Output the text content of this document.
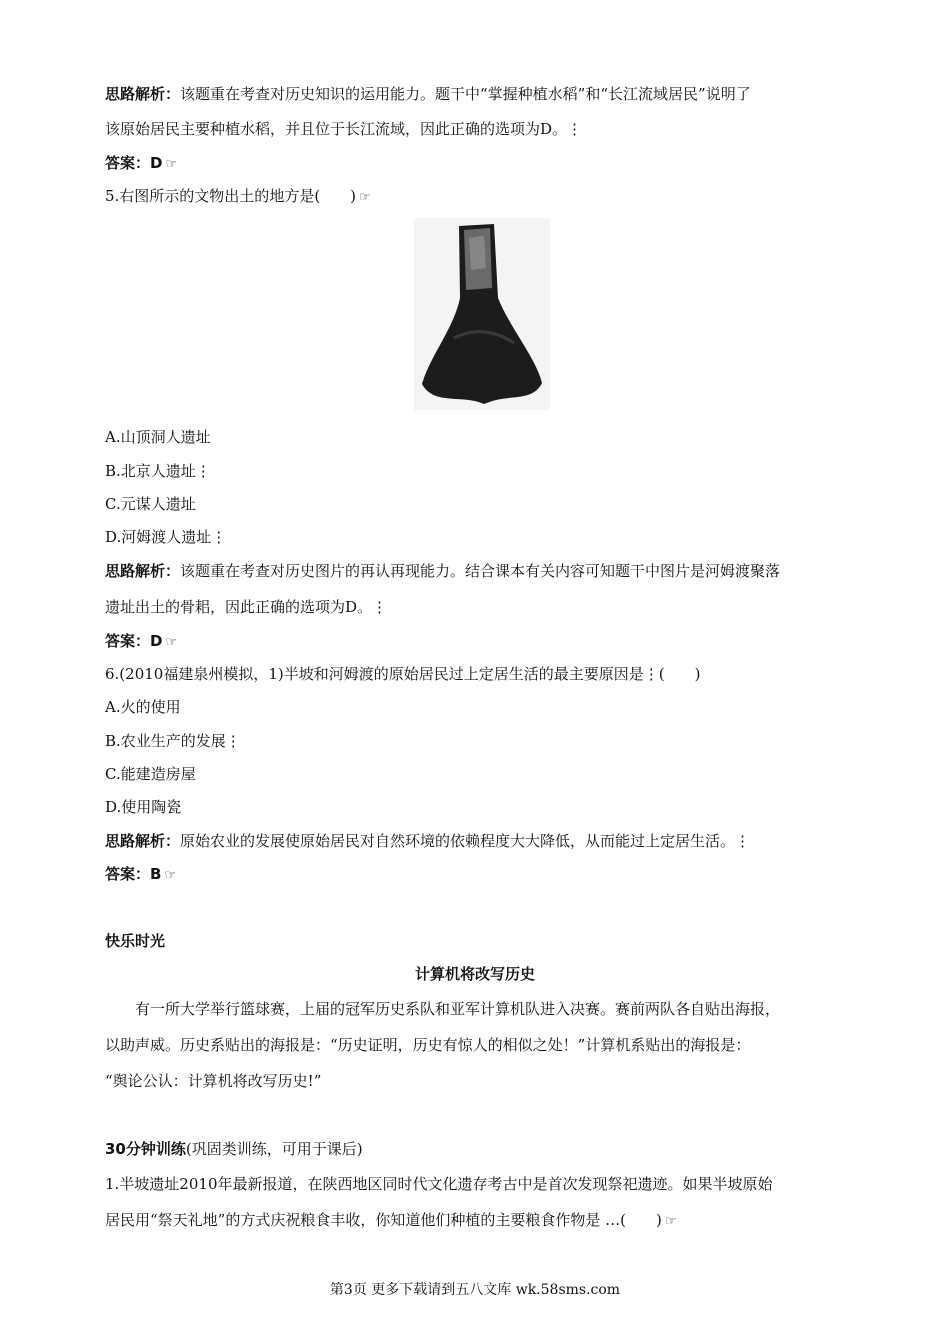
思路解析：该题重在考查对历史知识的运用能力。题干中“掌握种植水稻”和“长江流域居民”说明了
该原始居民主要种植水稻，并且位于长江流域，因此正确的选项为D。⋮
答案：D ☞
5.右图所示的文物出土的地方是(　　) ☞
A.山顶洞人遗址
B.北京人遗址⋮
C.元谋人遗址
D.河姆渡人遗址⋮
思路解析：该题重在考查对历史图片的再认再现能力。结合课本有关内容可知题干中图片是河姆渡聚落
遗址出土的骨耜，因此正确的选项为D。⋮
答案：D ☞
6.(2010福建泉州模拟，1)半坡和河姆渡的原始居民过上定居生活的最主要原因是⋮(　　)
A.火的使用
B.农业生产的发展⋮
C.能建造房屋
D.使用陶瓷
思路解析：原始农业的发展使原始居民对自然环境的依赖程度大大降低，从而能过上定居生活。⋮
答案：B ☞
快乐时光
计算机将改写历史
　　有一所大学举行篮球赛，上届的冠军历史系队和亚军计算机队进入决赛。赛前两队各自贴出海报，
以助声威。历史系贴出的海报是：“历史证明，历史有惊人的相似之处！”计算机系贴出的海报是：
“舆论公认：计算机将改写历史!”
30分钟训练(巩固类训练，可用于课后)
1.半坡遗址2010年最新报道，在陕西地区同时代文化遗存考古中是首次发现祭祀遗迹。如果半坡原始
居民用“祭天礼地”的方式庆祝粮食丰收，你知道他们种植的主要粮食作物是 …(　　) ☞
第3页 更多下载请到五八文库 wk.58sms.com
